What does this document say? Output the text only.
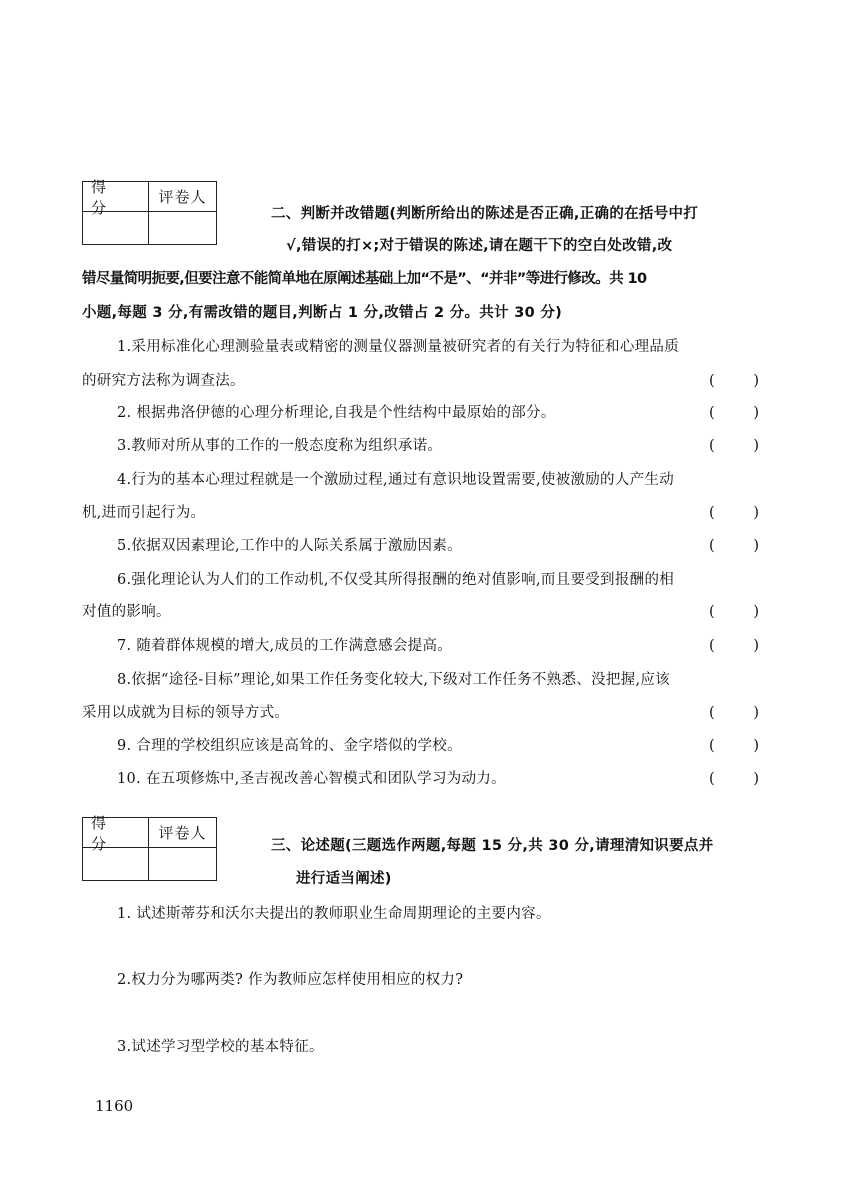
得 分
评卷人
二、判断并改错题(判断所给出的陈述是否正确,正确的在括号中打
√,错误的打×;对于错误的陈述,请在题干下的空白处改错,改
错尽量简明扼要,但要注意不能简单地在原阐述基础上加“不是”、“并非”等进行修改。共 10
小题,每题 3 分,有需改错的题目,判断占 1 分,改错占 2 分。共计 30 分)
1.采用标准化心理测验量表或精密的测量仪器测量被研究者的有关行为特征和心理品质
的研究方法称为调查法。	(	)
2. 根据弗洛伊德的心理分析理论,自我是个性结构中最原始的部分。	(	)
3.教师对所从事的工作的一般态度称为组织承诺。	(	)
4.行为的基本心理过程就是一个激励过程,通过有意识地设置需要,使被激励的人产生动
机,进而引起行为。	(	)
5.依据双因素理论,工作中的人际关系属于激励因素。	(	)
6.强化理论认为人们的工作动机,不仅受其所得报酬的绝对值影响,而且要受到报酬的相
对值的影响。	(	)
7. 随着群体规模的增大,成员的工作满意感会提高。	(	)
8.依据“途径-目标”理论,如果工作任务变化较大,下级对工作任务不熟悉、没把握,应该
采用以成就为目标的领导方式。	(	)
9. 合理的学校组织应该是高耸的、金字塔似的学校。	(	)
10. 在五项修炼中,圣吉视改善心智模式和团队学习为动力。	(	)
得 分
评卷人
三、论述题(三题选作两题,每题 15 分,共 30 分,请理清知识要点并
进行适当阐述)
1. 试述斯蒂芬和沃尔夫提出的教师职业生命周期理论的主要内容。
2.权力分为哪两类? 作为教师应怎样使用相应的权力?
3.试述学习型学校的基本特征。
1160
